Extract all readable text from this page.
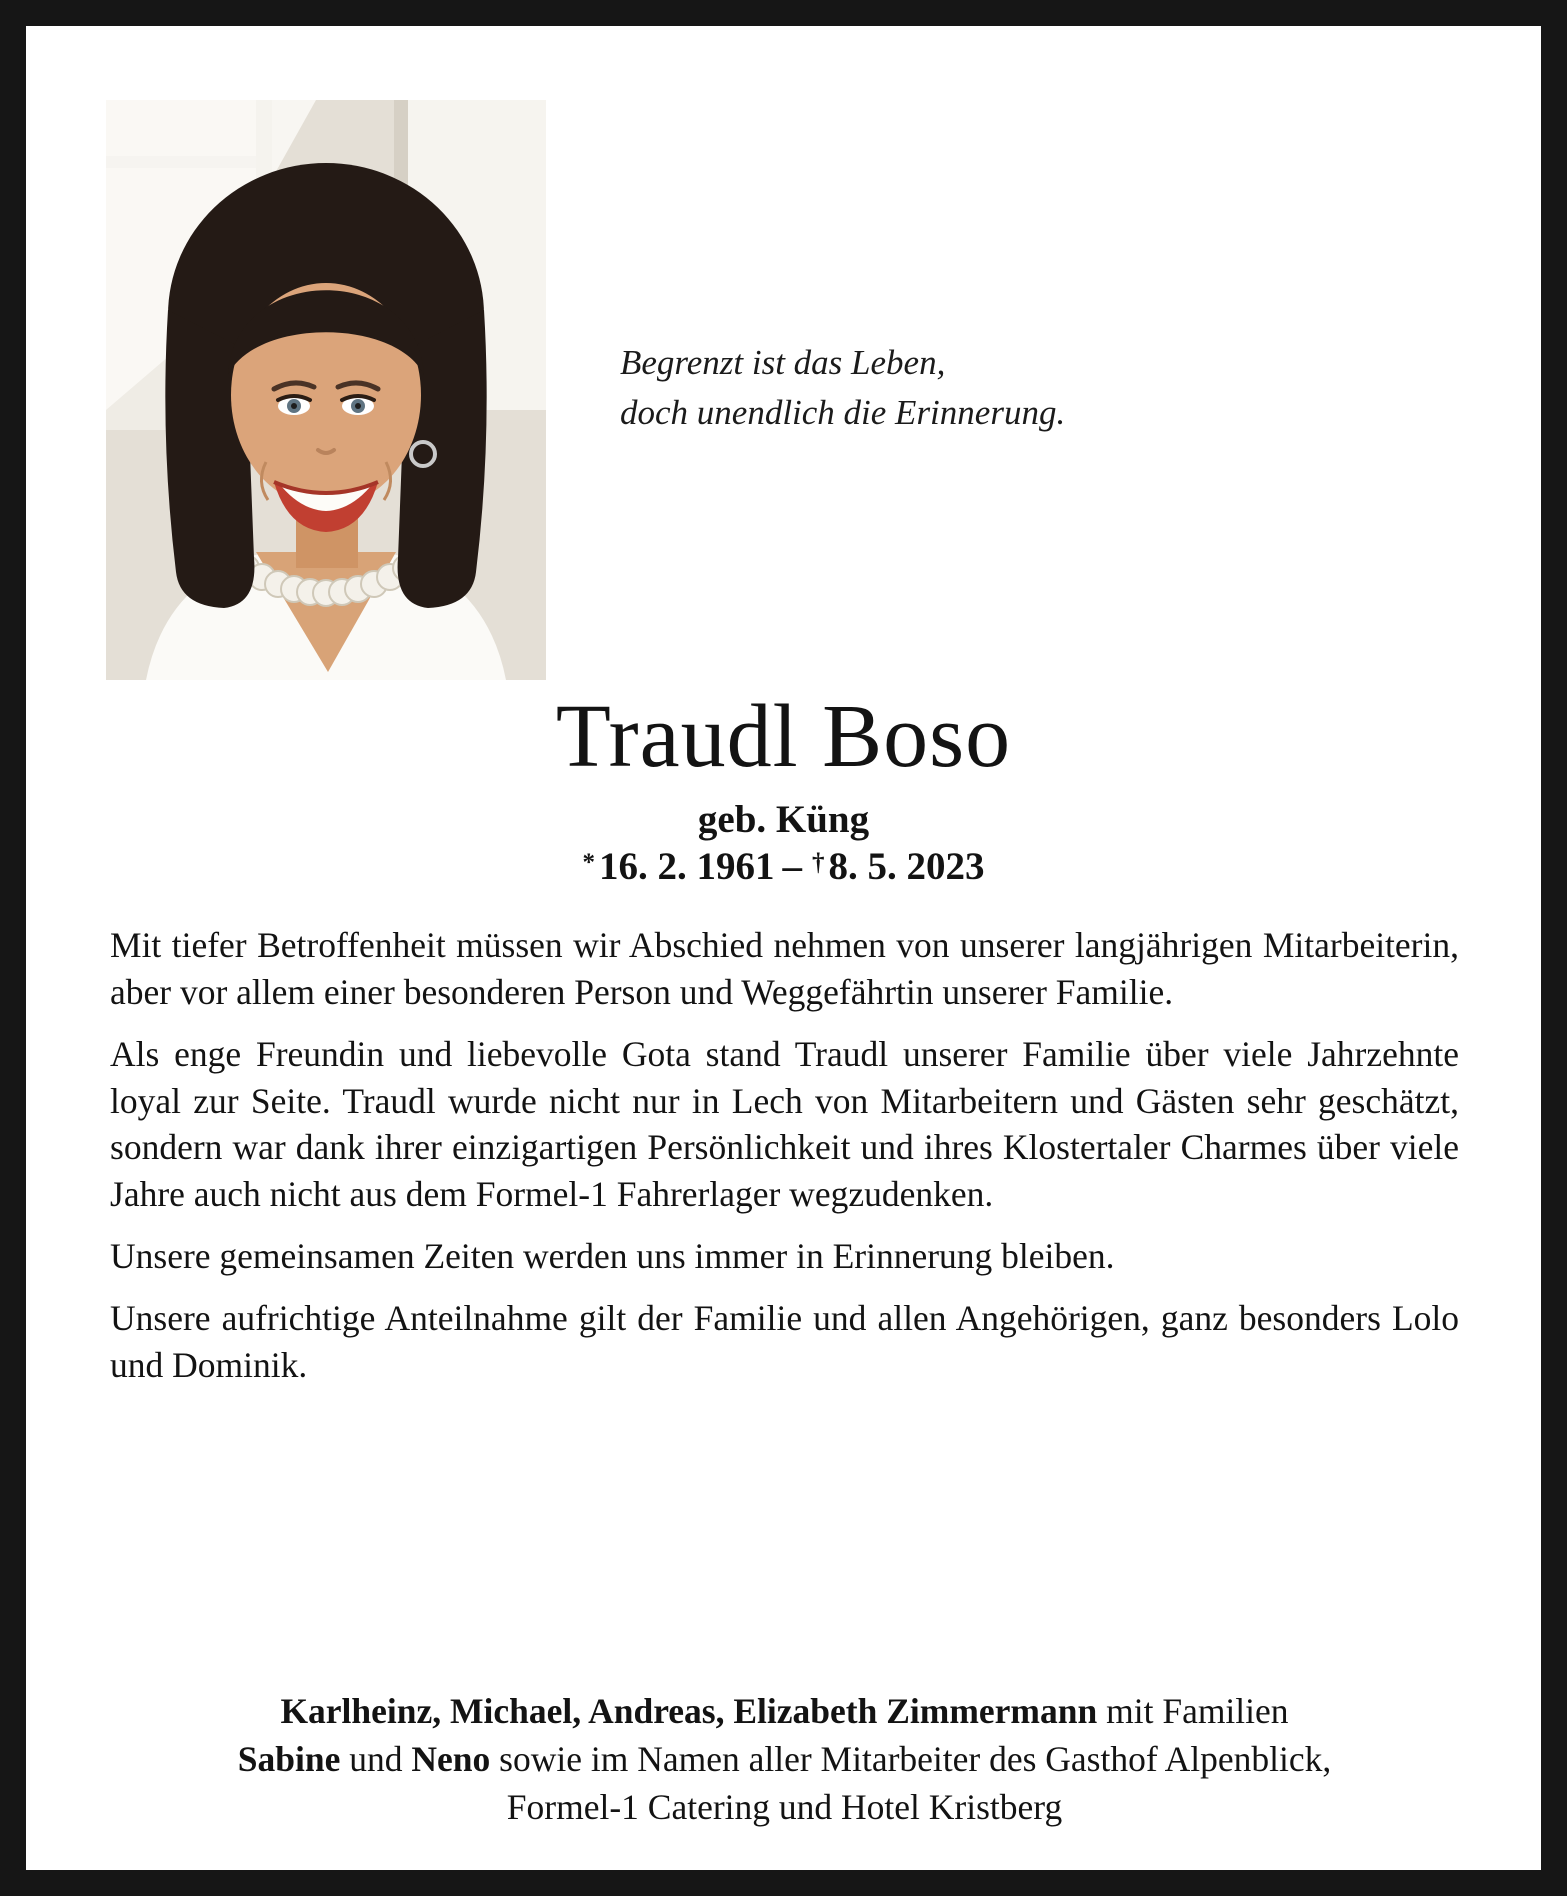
Begrenzt ist das Leben,
doch unendlich die Erinnerung.
Traudl Boso
geb. Küng
* 16. 2. 1961 – † 8. 5. 2023

Mit tiefer Betroffenheit müssen wir Abschied nehmen von unserer langjährigen Mitarbeiterin, aber vor allem einer besonderen Person und Weggefährtin unserer Familie.

Als enge Freundin und liebevolle Gota stand Traudl unserer Familie über viele Jahrzehnte loyal zur Seite. Traudl wurde nicht nur in Lech von Mitarbeitern und Gästen sehr geschätzt, sondern war dank ihrer einzigartigen Persönlichkeit und ihres Klostertaler Charmes über viele Jahre auch nicht aus dem Formel-1 Fahrerlager wegzudenken.

Unsere gemeinsamen Zeiten werden uns immer in Erinnerung bleiben.

Unsere aufrichtige Anteilnahme gilt der Familie und allen Angehörigen, ganz besonders Lolo und Dominik.

Karlheinz, Michael, Andreas, Elizabeth Zimmermann mit Familien
Sabine und Neno sowie im Namen aller Mitarbeiter des Gasthof Alpenblick,
Formel-1 Catering und Hotel Kristberg
